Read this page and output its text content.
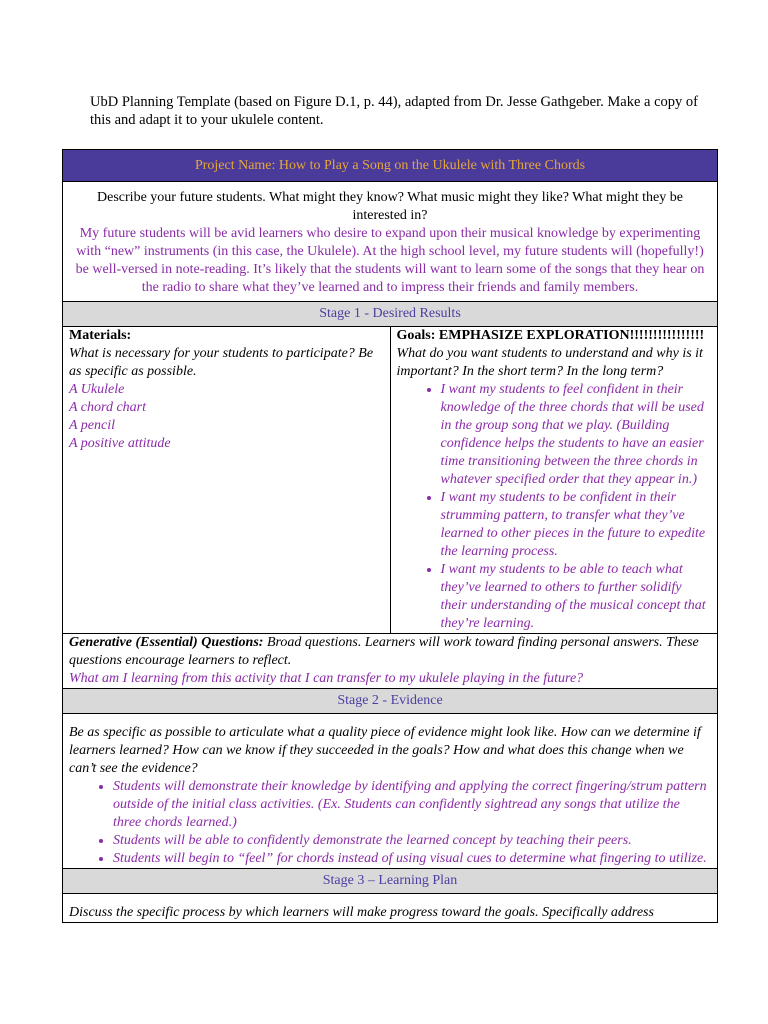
UbD Planning Template (based on Figure D.1, p. 44), adapted from Dr. Jesse Gathgeber. Make a copy of this and adapt it to your ukulele content.
Project Name: How to Play a Song on the Ukulele with Three Chords

Describe your future students. What might they know? What music might they like? What might they be interested in?
My future students will be avid learners who desire to expand upon their musical knowledge by experimenting with “new” instruments (in this case, the Ukulele). At the high school level, my future students will (hopefully!) be well-versed in note-reading. It’s likely that the students will want to learn some of the songs that they hear on the radio to share what they’ve learned and to impress their friends and family members.

Stage 1 - Desired Results

Materials:
What is necessary for your students to participate? Be as specific as possible.
A Ukulele
A chord chart
A pencil
A positive attitude

Goals: EMPHASIZE EXPLORATION!!!!!!!!!!!!!!!!
What do you want students to understand and why is it important? In the short term? In the long term?
• I want my students to feel confident in their knowledge of the three chords that will be used in the group song that we play. (Building confidence helps the students to have an easier time transitioning between the three chords in whatever specified order that they appear in.)
• I want my students to be confident in their strumming pattern, to transfer what they’ve learned to other pieces in the future to expedite the learning process.
• I want my students to be able to teach what they’ve learned to others to further solidify their understanding of the musical concept that they’re learning.

Generative (Essential) Questions: Broad questions. Learners will work toward finding personal answers. These questions encourage learners to reflect.
What am I learning from this activity that I can transfer to my ukulele playing in the future?

Stage 2 - Evidence

Be as specific as possible to articulate what a quality piece of evidence might look like. How can we determine if learners learned? How can we know if they succeeded in the goals? How and what does this change when we can’t see the evidence?
• Students will demonstrate their knowledge by identifying and applying the correct fingering/strum pattern outside of the initial class activities. (Ex. Students can confidently sightread any songs that utilize the three chords learned.)
• Students will be able to confidently demonstrate the learned concept by teaching their peers.
• Students will begin to “feel” for chords instead of using visual cues to determine what fingering to utilize.

Stage 3 – Learning Plan

Discuss the specific process by which learners will make progress toward the goals. Specifically address
